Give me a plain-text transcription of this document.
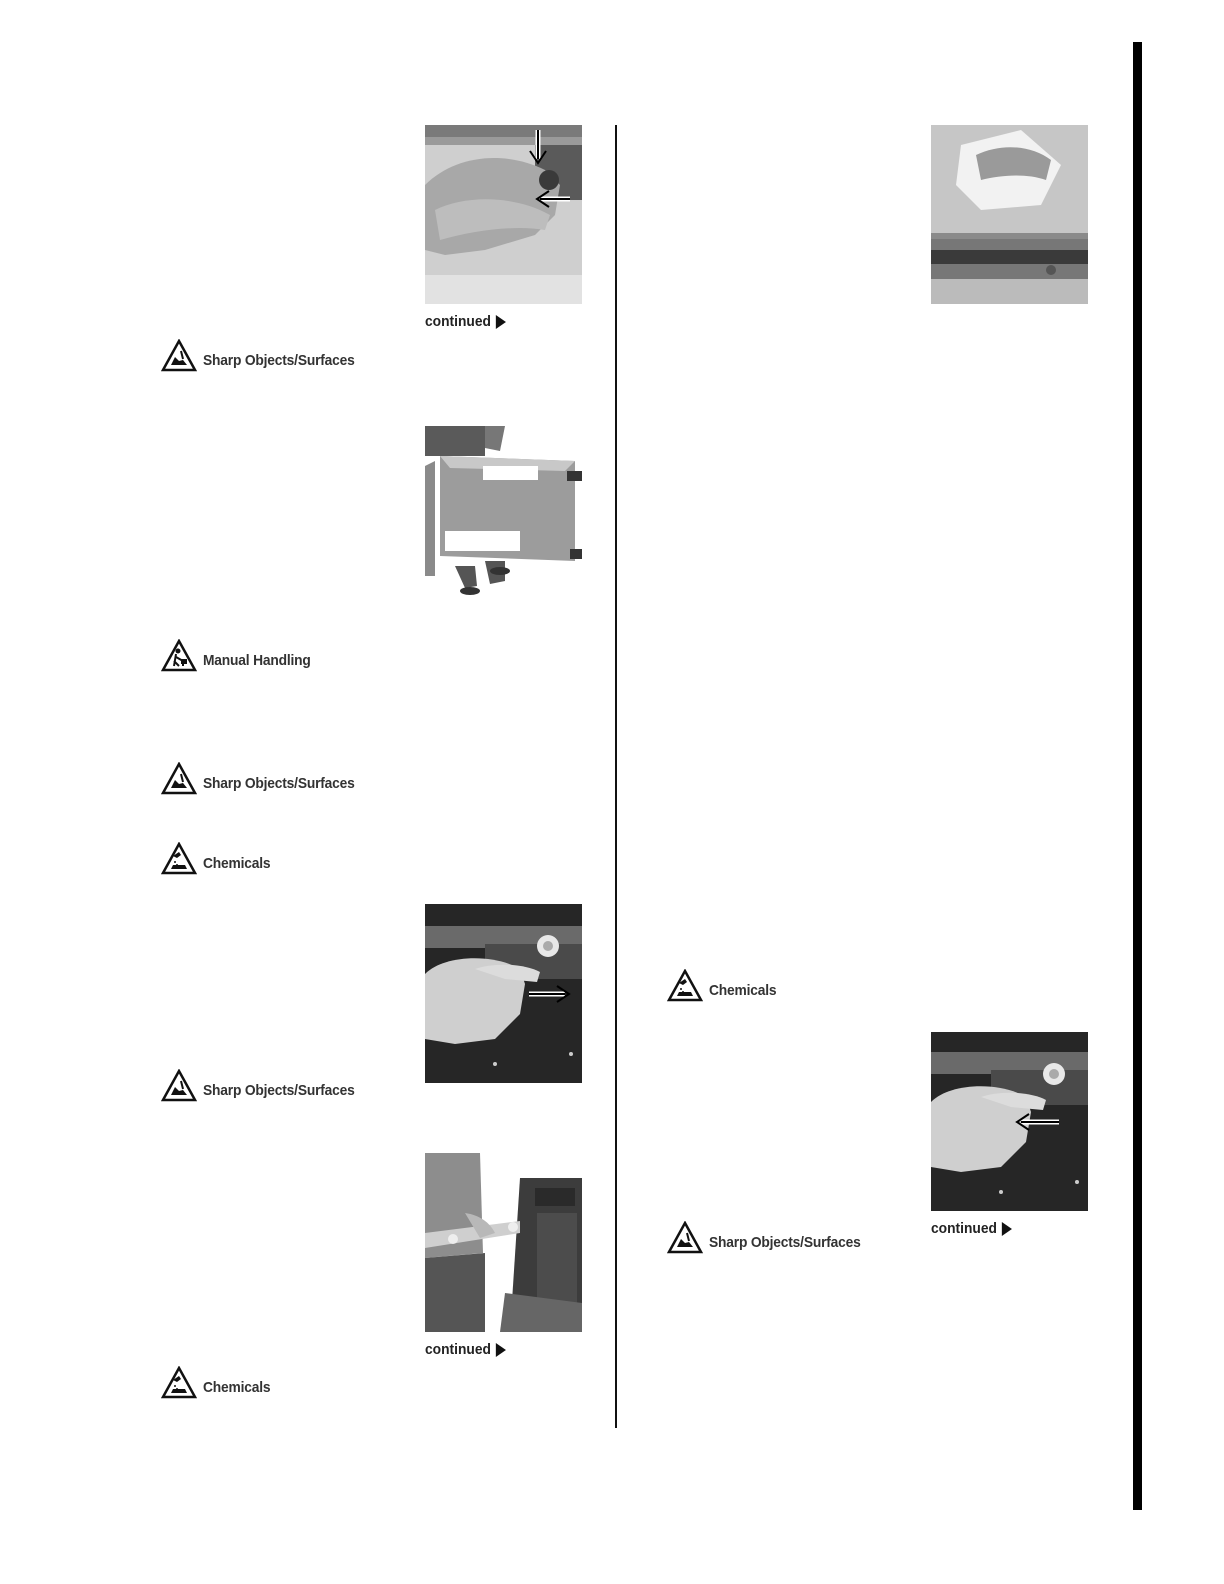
continued
Sharp Objects/Surfaces
Manual Handling
Sharp Objects/Surfaces
Chemicals
Sharp Objects/Surfaces
continued
Chemicals
Chemicals
continued
Sharp Objects/Surfaces
